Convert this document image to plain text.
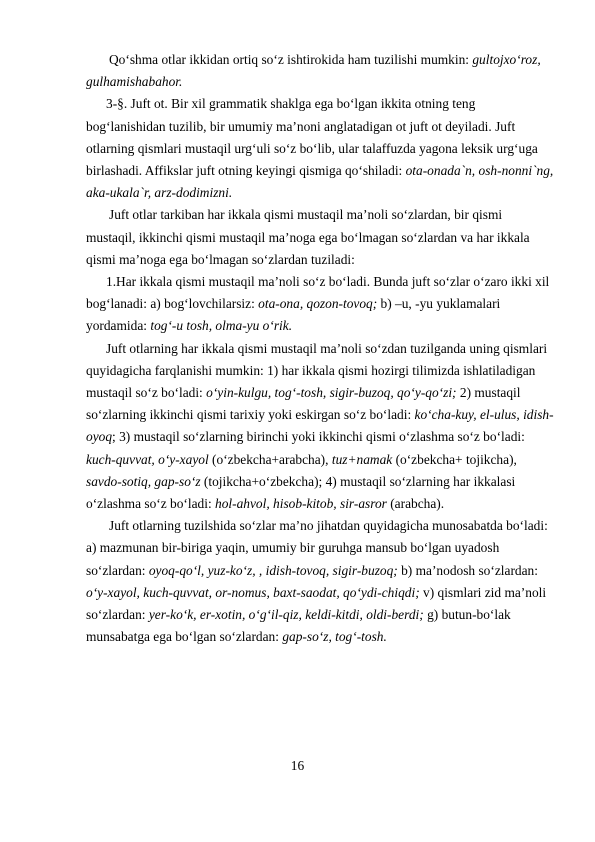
Qo‘shma otlar ikkidan ortiq so‘z ishtirokida ham tuzilishi mumkin: gultojxo‘roz, gulhamishabahor.

3-§. Juft ot. Bir xil grammatik shaklga ega bo‘lgan ikkita otning teng bog‘lanishidan tuzilib, bir umumiy ma’noni anglatadigan ot juft ot deyiladi. Juft otlarning qismlari mustaqil urg‘uli so‘z bo‘lib, ular talaffuzda yagona leksik urg‘uga birlashadi. Affikslar juft otning keyingi qismiga qo‘shiladi: ota-onada`n, osh-nonni`ng, aka-ukala`r, arz-dodimizni.

Juft otlar tarkiban har ikkala qismi mustaqil ma’noli so‘zlardan, bir qismi mustaqil, ikkinchi qismi mustaqil ma’noga ega bo‘lmagan so‘zlardan va har ikkala qismi ma’noga ega bo‘lmagan so‘zlardan tuziladi:

1.Har ikkala qismi mustaqil ma’noli so‘z bo‘ladi. Bunda juft so‘zlar o‘zaro ikki xil bog‘lanadi: a) bog‘lovchilarsiz: ota-ona, qozon-tovoq; b) –u, -yu yuklamalari yordamida: tog‘-u tosh, olma-yu o‘rik.

Juft otlarning har ikkala qismi mustaqil ma’noli so‘zdan tuzilganda uning qismlari quyidagicha farqlanishi mumkin: 1) har ikkala qismi hozirgi tilimizda ishlatiladigan mustaqil so‘z bo‘ladi: o‘yin-kulgu, tog‘-tosh, sigir-buzoq, qo‘y-qo‘zi; 2) mustaqil so‘zlarning ikkinchi qismi tarixiy yoki eskirgan so‘z bo‘ladi: ko‘cha-kuy, el-ulus, idish-oyoq; 3) mustaqil so‘zlarning birinchi yoki ikkinchi qismi o‘zlashma so‘z bo‘ladi: kuch-quvvat, o‘y-xayol (o‘zbekcha+arabcha), tuz+namak (o‘zbekcha+ tojikcha), savdo-sotiq, gap-so‘z (tojikcha+o‘zbekcha); 4) mustaqil so‘zlarning har ikkalasi o‘zlashma so‘z bo‘ladi: hol-ahvol, hisob-kitob, sir-asror (arabcha).

Juft otlarning tuzilshida so‘zlar ma’no jihatdan quyidagicha munosabatda bo‘ladi: a) mazmunan bir-biriga yaqin, umumiy bir guruhga mansub bo‘lgan uyadosh so‘zlardan: oyoq-qo‘l, yuz-ko‘z, , idish-tovoq, sigir-buzoq; b) ma’nodosh so‘zlardan: o‘y-xayol, kuch-quvvat, or-nomus, baxt-saodat, qo‘ydi-chiqdi; v) qismlari zid ma’noli so‘zlardan: yer-ko‘k, er-xotin, o‘g‘il-qiz, keldi-kitdi, oldi-berdi; g) butun-bo‘lak munsabatga ega bo‘lgan so‘zlardan: gap-so‘z, tog‘-tosh.

16
